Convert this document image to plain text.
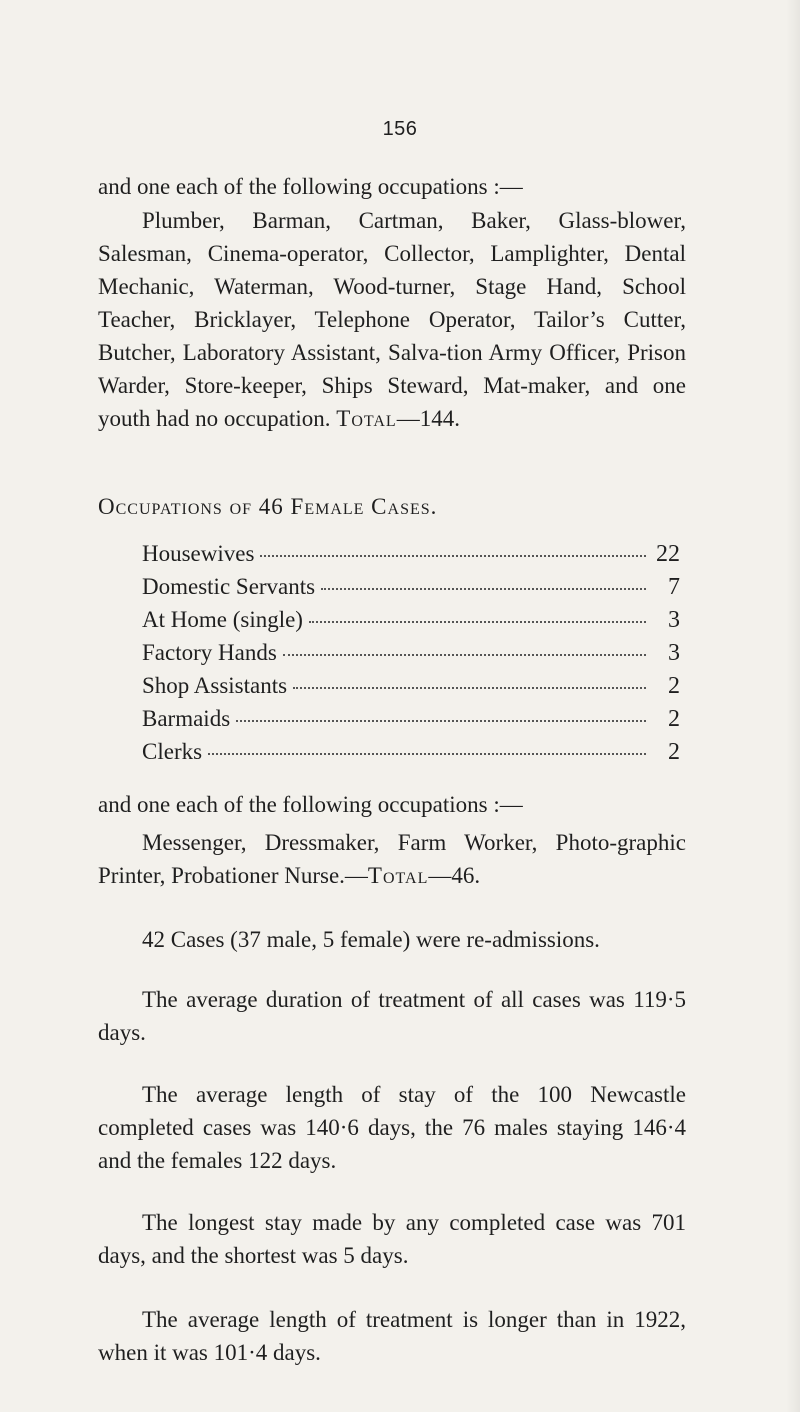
156

and one each of the following occupations :—

Plumber, Barman, Cartman, Baker, Glass-blower, Salesman, Cinema-operator, Collector, Lamplighter, Dental Mechanic, Waterman, Wood-turner, Stage Hand, School Teacher, Bricklayer, Telephone Operator, Tailor’s Cutter, Butcher, Laboratory Assistant, Salva-tion Army Officer, Prison Warder, Store-keeper, Ships Steward, Mat-maker, and one youth had no occupation. Total—144.

Occupations of 46 Female Cases.
Housewives	22
Domestic Servants	7
At Home (single)	3
Factory Hands	3
Shop Assistants	2
Barmaids	2
Clerks	2

and one each of the following occupations :—

Messenger, Dressmaker, Farm Worker, Photo-graphic Printer, Probationer Nurse.—Total—46.

42 Cases (37 male, 5 female) were re-admissions.

The average duration of treatment of all cases was 119·5 days.

The average length of stay of the 100 Newcastle completed cases was 140·6 days, the 76 males staying 146·4 and the females 122 days.

The longest stay made by any completed case was 701 days, and the shortest was 5 days.

The average length of treatment is longer than in 1922, when it was 101·4 days.
